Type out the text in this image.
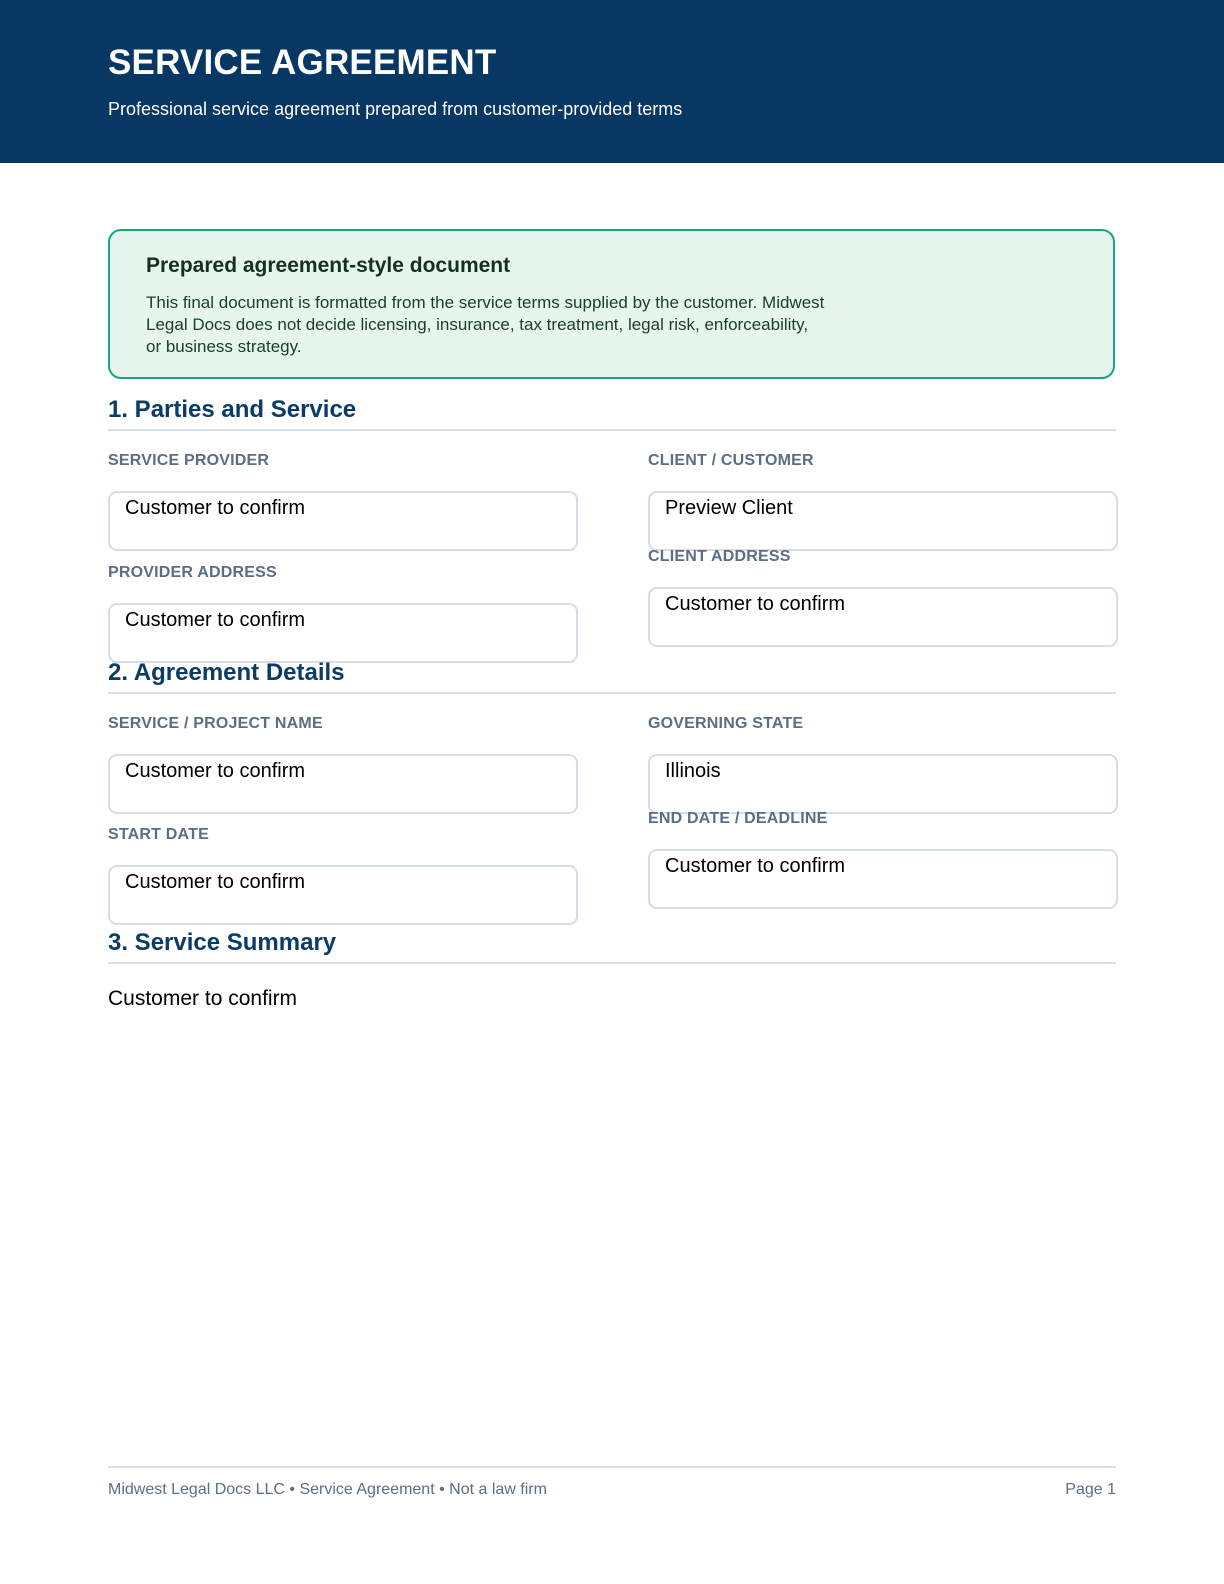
SERVICE AGREEMENT
Professional service agreement prepared from customer-provided terms
Prepared agreement-style document
This final document is formatted from the service terms supplied by the customer. Midwest Legal Docs does not decide licensing, insurance, tax treatment, legal risk, enforceability, or business strategy.
1. Parties and Service
SERVICE PROVIDER
Customer to confirm
CLIENT / CUSTOMER
Preview Client
PROVIDER ADDRESS
Customer to confirm
CLIENT ADDRESS
Customer to confirm
2. Agreement Details
SERVICE / PROJECT NAME
Customer to confirm
GOVERNING STATE
Illinois
START DATE
Customer to confirm
END DATE / DEADLINE
Customer to confirm
3. Service Summary
Customer to confirm
Midwest Legal Docs LLC • Service Agreement • Not a law firm	Page 1
